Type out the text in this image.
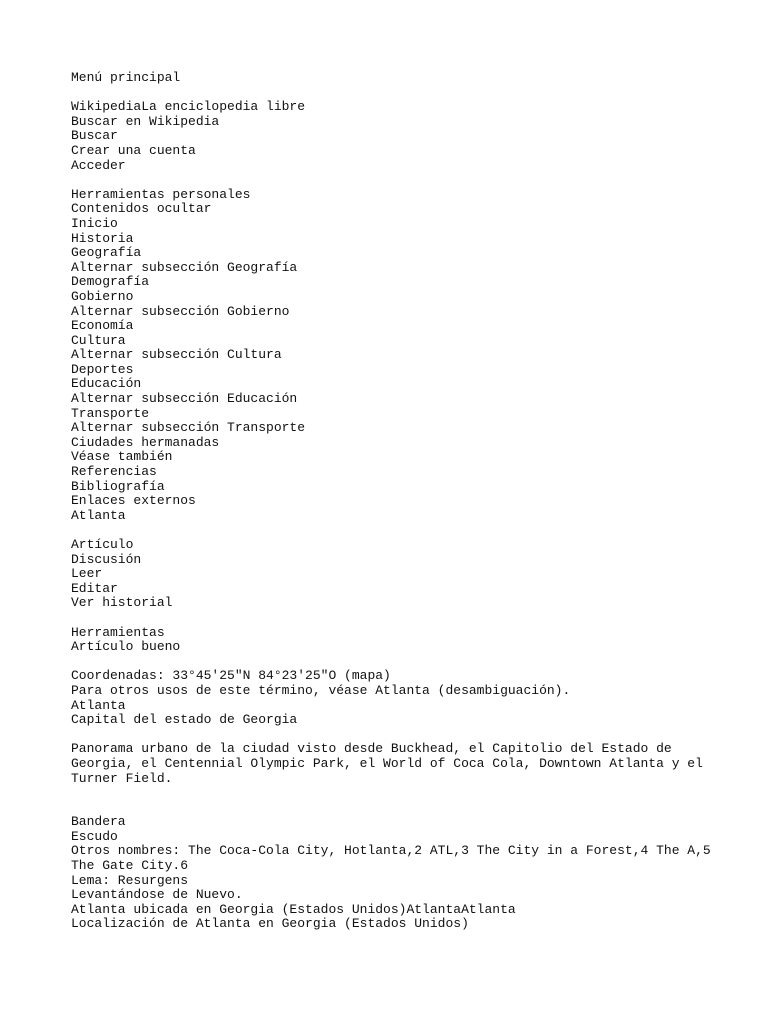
Menú principal
WikipediaLa enciclopedia libre
Buscar en Wikipedia
Buscar
Crear una cuenta
Acceder
Herramientas personales
Contenidos ocultar
Inicio
Historia
Geografía
Alternar subsección Geografía
Demografía
Gobierno
Alternar subsección Gobierno
Economía
Cultura
Alternar subsección Cultura
Deportes
Educación
Alternar subsección Educación
Transporte
Alternar subsección Transporte
Ciudades hermanadas
Véase también
Referencias
Bibliografía
Enlaces externos
Atlanta
Artículo
Discusión
Leer
Editar
Ver historial
Herramientas
Artículo bueno
Coordenadas: 33°45′25″N 84°23′25″O (mapa)
Para otros usos de este término, véase Atlanta (desambiguación).
Atlanta
Capital del estado de Georgia
Panorama urbano de la ciudad visto desde Buckhead, el Capitolio del Estado de Georgia, el Centennial Olympic Park, el World of Coca Cola, Downtown Atlanta y el Turner Field.
Bandera
Escudo
Otros nombres: The Coca-Cola City, Hotlanta,2 ATL,3 The City in a Forest,4 The A,5 The Gate City.6
Lema: Resurgens
Levantándose de Nuevo.
Atlanta ubicada en Georgia (Estados Unidos)AtlantaAtlanta
Localización de Atlanta en Georgia (Estados Unidos)
